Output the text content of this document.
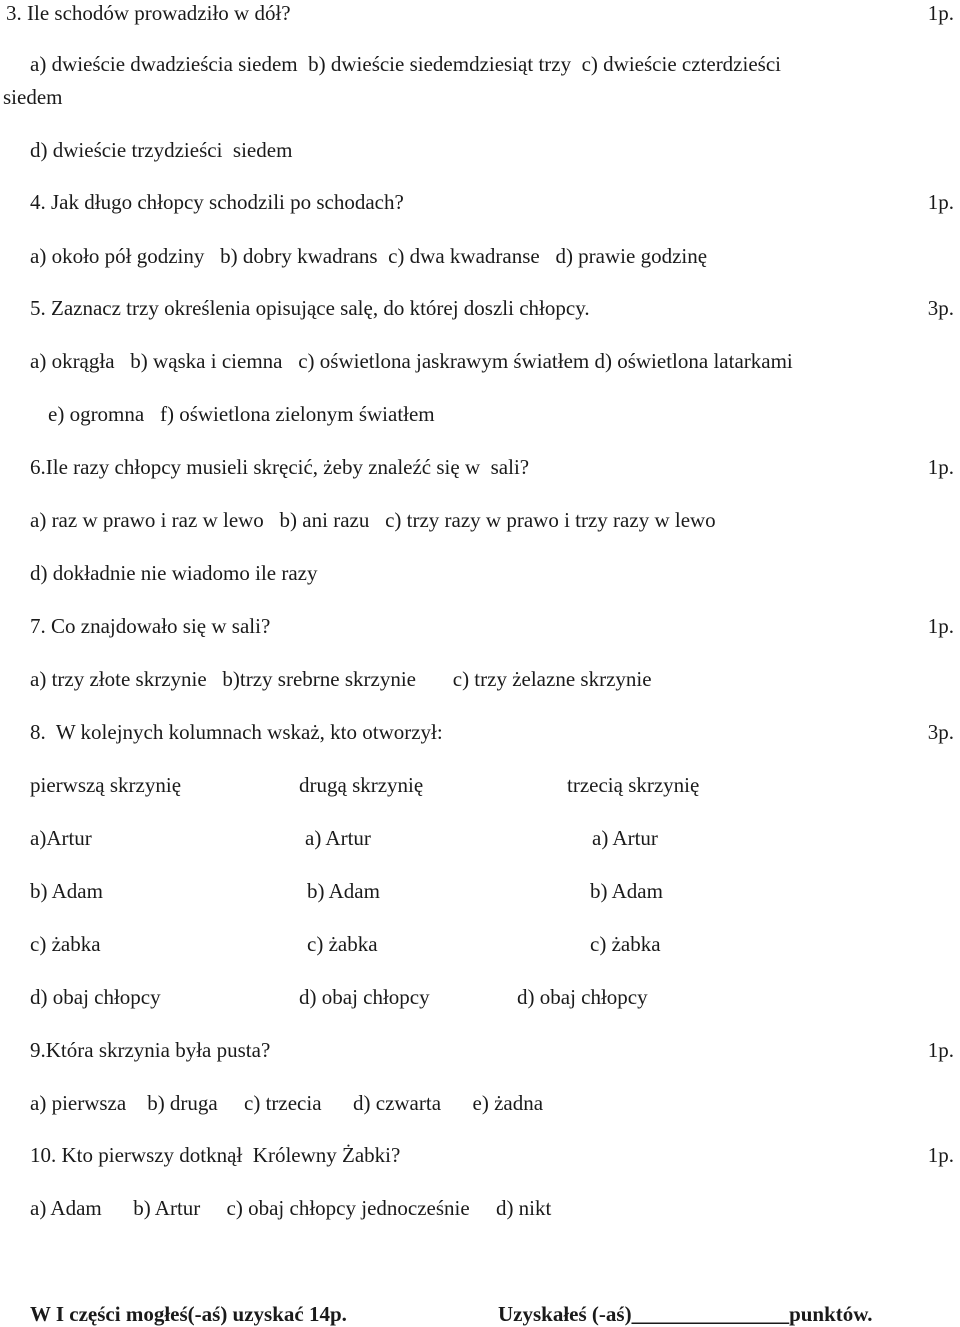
3. Ile schodów prowadziło w dół?	1p.
a) dwieście dwadzieścia siedem  b) dwieście siedemdziesiąt trzy  c) dwieście czterdzieści
siedem
d) dwieście trzydzieści  siedem
4. Jak długo chłopcy schodzili po schodach?	1p.
a) około pół godziny   b) dobry kwadrans  c) dwa kwadranse   d) prawie godzinę
5. Zaznacz trzy określenia opisujące salę, do której doszli chłopcy.	3p.
a) okrągła   b) wąska i ciemna   c) oświetlona jaskrawym światłem d) oświetlona latarkami
e) ogromna   f) oświetlona zielonym światłem
6.Ile razy chłopcy musieli skręcić, żeby znaleźć się w  sali?	1p.
a) raz w prawo i raz w lewo   b) ani razu   c) trzy razy w prawo i trzy razy w lewo
d) dokładnie nie wiadomo ile razy
7. Co znajdowało się w sali?	1p.
a) trzy złote skrzynie   b)trzy srebrne skrzynie       c) trzy żelazne skrzynie
8.  W kolejnych kolumnach wskaż, kto otworzył:	3p.
pierwszą skrzynię	drugą skrzynię	trzecią skrzynię
a)Artur	a) Artur	a) Artur
b) Adam	b) Adam	b) Adam
c) żabka	c) żabka	c) żabka
d) obaj chłopcy	d) obaj chłopcy	d) obaj chłopcy
9.Która skrzynia była pusta?	1p.
a) pierwsza    b) druga     c) trzecia      d) czwarta      e) żadna
10. Kto pierwszy dotknął  Królewny Żabki?	1p.
a) Adam      b) Artur     c) obaj chłopcy jednocześnie     d) nikt
W I części mogłeś(-aś) uzyskać 14p.	Uzyskałeś (-aś)_______________punktów.
